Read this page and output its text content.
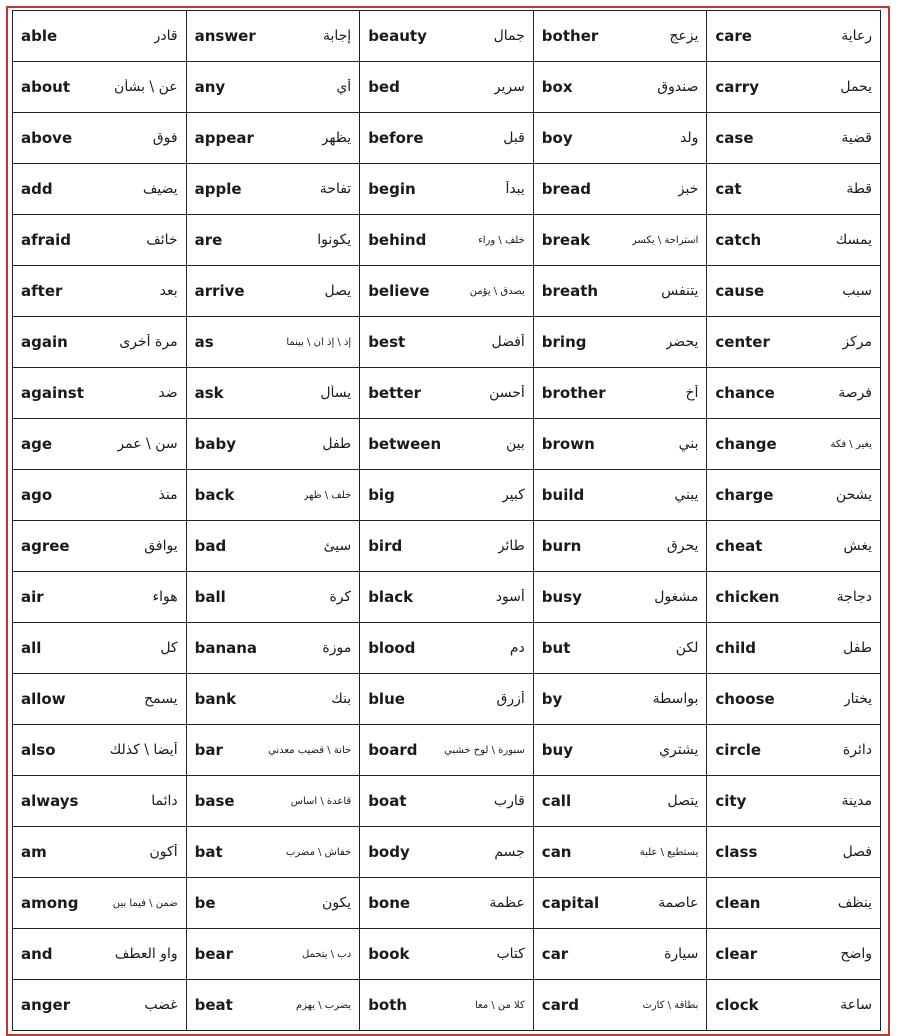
able	قادر answer	إجابة beauty	جمال bother	يزعج care	رعاية
about	عن \ بشأن any	أي bed	سرير box	صندوق carry	يحمل
above	فوق appear	يظهر before	قبل boy	ولد case	قضية
add	يضيف apple	تفاحة begin	يبدأ bread	خبز cat	قطة
afraid	خائف are	يكونوا behind	خلف \ وراء break	استراحة \ يكسر catch	يمسك
after	بعد arrive	يصل believe	يصدق \ يؤمن breath	يتنفس cause	سبب
again	مرة أخرى as	إذ \ إذ أن \ بينما best	أفضل bring	يحضر center	مركز
against	ضد ask	يسأل better	أحسن brother	أخ chance	فرصة
age	سن \ عمر baby	طفل between	بين brown	بني change	يغير \ فكة
ago	منذ back	خلف \ ظهر big	كبير build	يبني charge	يشحن
agree	يوافق bad	سيئ bird	طائر burn	يحرق cheat	يغش
air	هواء ball	كرة black	أسود busy	مشغول chicken	دجاجة
all	كل banana	موزة blood	دم but	لكن child	طفل
allow	يسمح bank	بنك blue	أزرق by	بواسطة choose	يختار
also	أيضا \ كذلك bar	حانة \ قضيب معدني board	سبورة \ لوح خشبي buy	يشتري circle	دائرة
always	دائما base	قاعدة \ أساس boat	قارب call	يتصل city	مدينة
am	أكون bat	خفاش \ مضرب body	جسم can	يستطيع \ علبة class	فصل
among	ضمن \ فيما بين be	يكون bone	عظمة capital	عاصمة clean	ينظف
and	واو العطف bear	دب \ يتحمل book	كتاب car	سيارة clear	واضح
anger	غضب beat	يضرب \ يهزم both	كلا من \ معاً card	بطاقة \ كارت clock	ساعة
